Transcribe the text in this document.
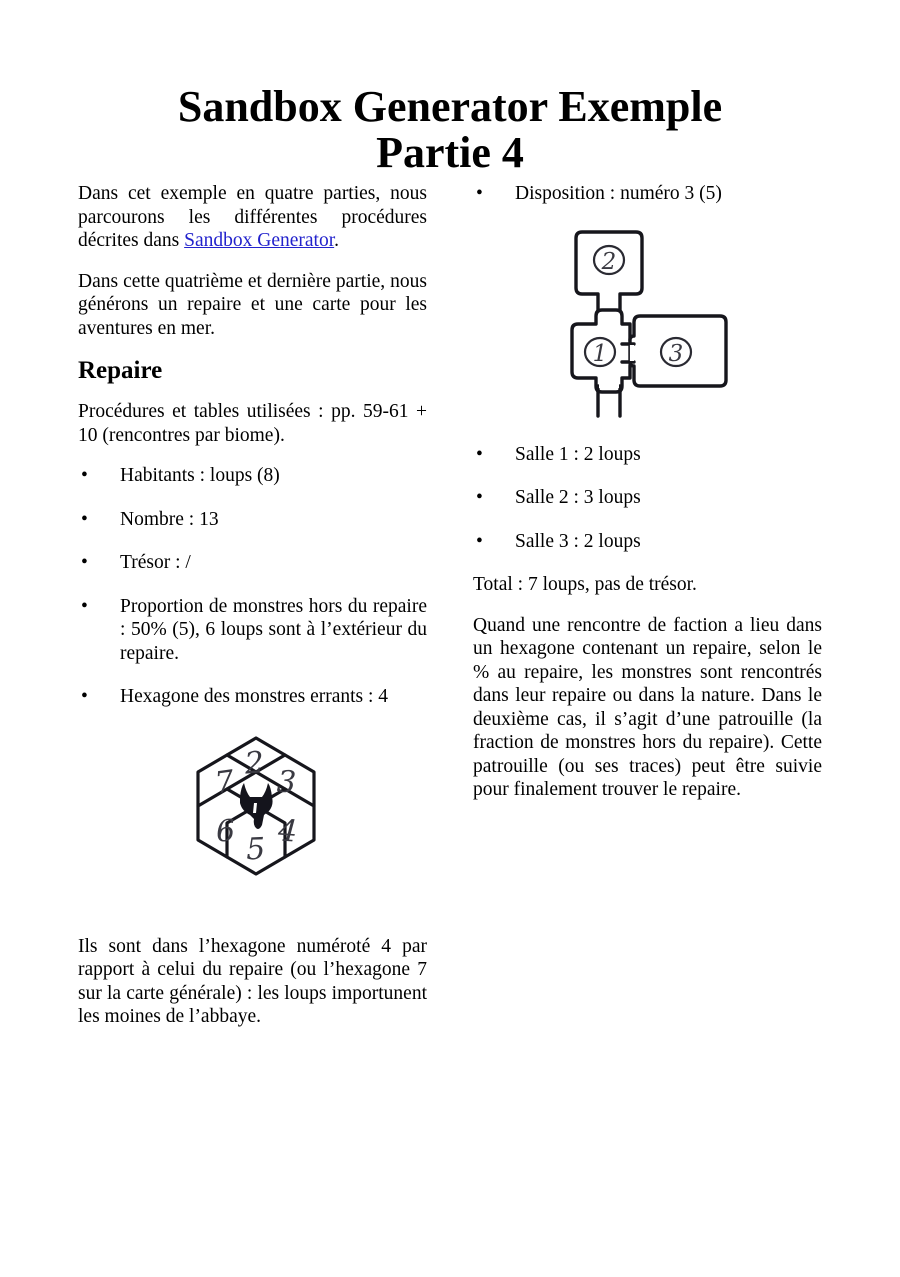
Sandbox Generator Exemple
Partie 4

Dans cet exemple en quatre parties, nous parcourons les différentes procédures décrites dans Sandbox Generator.

Dans cette quatrième et dernière partie, nous générons un repaire et une carte pour les aventures en mer.

Repaire

Procédures et tables utilisées : pp. 59-61 + 10 (rencontres par biome).

• Habitants : loups (8)
• Nombre : 13
• Trésor : /
• Proportion de monstres hors du repaire : 50% (5), 6 loups sont à l’extérieur du repaire.
• Hexagone des monstres errants : 4
2
7 3
6 4
5

Ils sont dans l’hexagone numéroté 4 par rapport à celui du repaire (ou l’hexagone 7 sur la carte générale) : les loups importunent les moines de l’abbaye.

• Disposition : numéro 3 (5)
2
1	3
• Salle 1 : 2 loups
• Salle 2 : 3 loups
• Salle 3 : 2 loups

Total : 7 loups, pas de trésor.

Quand une rencontre de faction a lieu dans un hexagone contenant un repaire, selon le % au repaire, les monstres sont rencontrés dans leur repaire ou dans la nature. Dans le deuxième cas, il s’agit d’une patrouille (la fraction de monstres hors du repaire). Cette patrouille (ou ses traces) peut être suivie pour finalement trouver le repaire.
